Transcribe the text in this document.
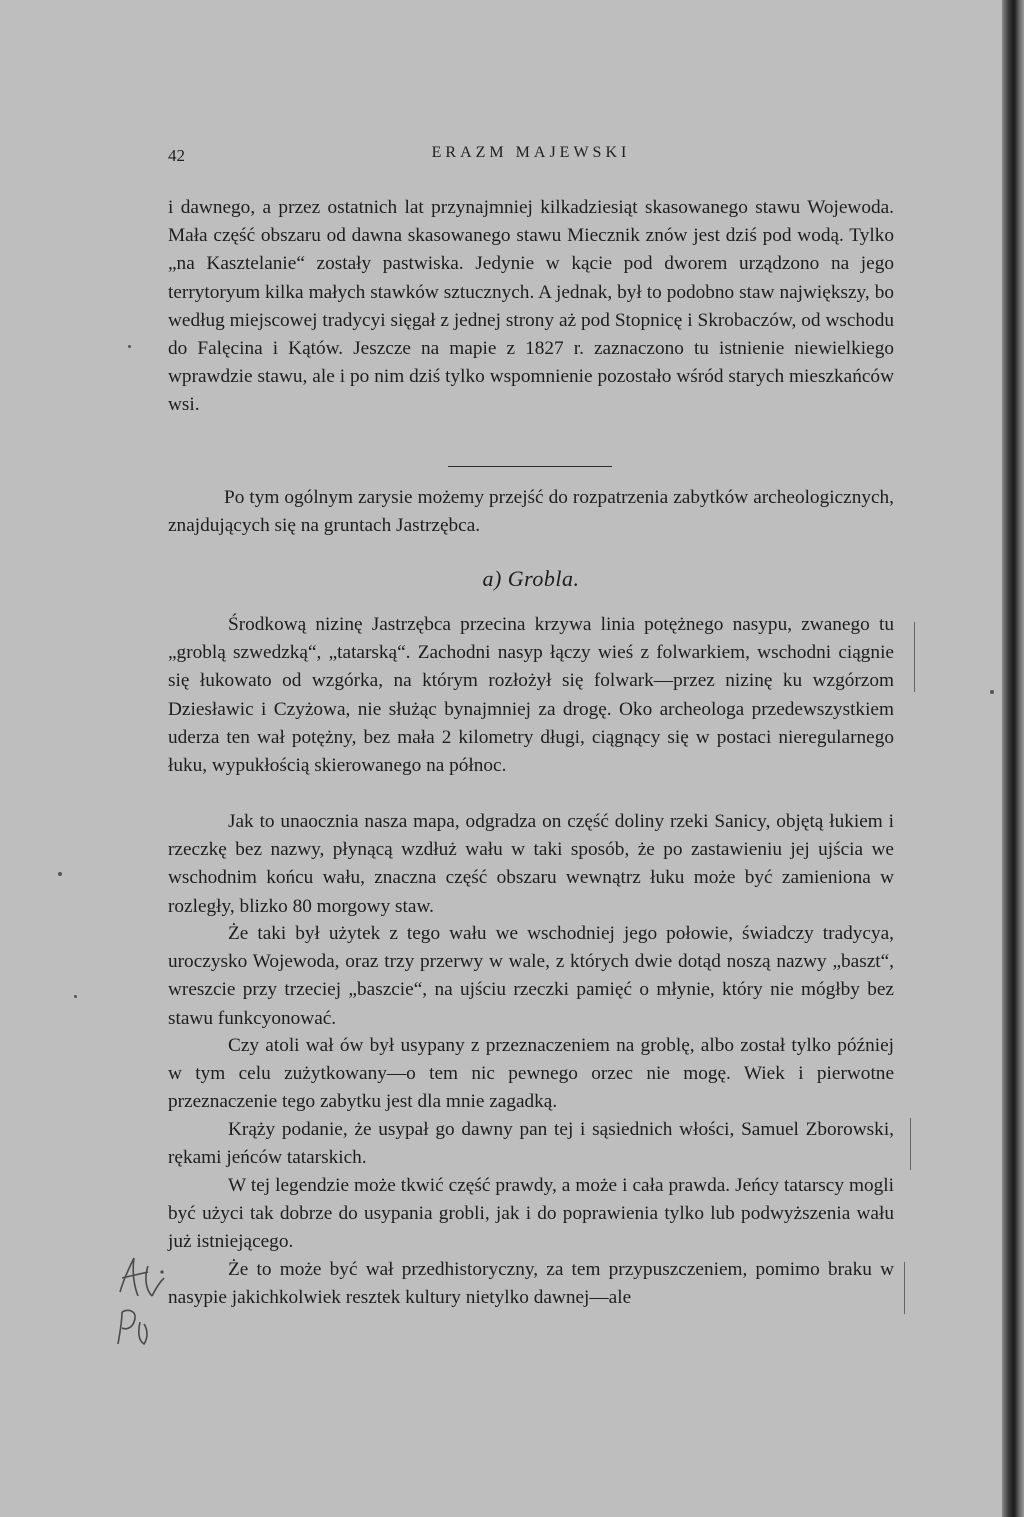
42	ERAZM MAJEWSKI

i dawnego, a przez ostatnich lat przynajmniej kilkadziesiąt skasowanego stawu Wojewoda. Mała część obszaru od dawna skasowanego stawu Miecznik znów jest dziś pod wodą. Tylko „na Kasztelanie“ zostały pastwiska. Jedynie w kącie pod dworem urządzono na jego terrytoryum kilka małych stawków sztucznych. A jednak, był to podobno staw największy, bo według miejscowej tradycyi sięgał z jednej strony aż pod Stopnicę i Skrobaczów, od wschodu do Falęcina i Kątów. Jeszcze na mapie z 1827 r. zaznaczono tu istnienie niewielkiego wprawdzie stawu, ale i po nim dziś tylko wspomnienie pozostało wśród starych mieszkańców wsi.

Po tym ogólnym zarysie możemy przejść do rozpatrzenia zabytków archeologicznych, znajdujących się na gruntach Jastrzębca.

a) Grobla.

Środkową nizinę Jastrzębca przecina krzywa linia potężnego nasypu, zwanego tu „groblą szwedzką“, „tatarską“. Zachodni nasyp łączy wieś z folwarkiem, wschodni ciągnie się łukowato od wzgórka, na którym rozłożył się folwark—przez nizinę ku wzgórzom Dziesławic i Czyżowa, nie służąc bynajmniej za drogę. Oko archeologa przedewszystkiem uderza ten wał potężny, bez mała 2 kilometry długi, ciągnący się w postaci nieregularnego łuku, wypukłością skierowanego na północ.

Jak to unaocznia nasza mapa, odgradza on część doliny rzeki Sanicy, objętą łukiem i rzeczkę bez nazwy, płynącą wzdłuż wału w taki sposób, że po zastawieniu jej ujścia we wschodnim końcu wału, znaczna część obszaru wewnątrz łuku może być zamieniona w rozległy, blizko 80 morgowy staw.

Że taki był użytek z tego wału we wschodniej jego połowie, świadczy tradycya, uroczysko Wojewoda, oraz trzy przerwy w wale, z których dwie dotąd noszą nazwy „baszt“, wreszcie przy trzeciej „baszcie“, na ujściu rzeczki pamięć o młynie, który nie mógłby bez stawu funkcyonować.

Czy atoli wał ów był usypany z przeznaczeniem na groblę, albo został tylko później w tym celu zużytkowany—o tem nic pewnego orzec nie mogę. Wiek i pierwotne przeznaczenie tego zabytku jest dla mnie zagadką.

Krąży podanie, że usypał go dawny pan tej i sąsiednich włości, Samuel Zborowski, rękami jeńców tatarskich.

W tej legendzie może tkwić część prawdy, a może i cała prawda. Jeńcy tatarscy mogli być użyci tak dobrze do usypania grobli, jak i do poprawienia tylko lub podwyższenia wału już istniejącego.

Że to może być wał przedhistoryczny, za tem przypuszczeniem, pomimo braku w nasypie jakichkolwiek resztek kultury nietylko dawnej—ale
